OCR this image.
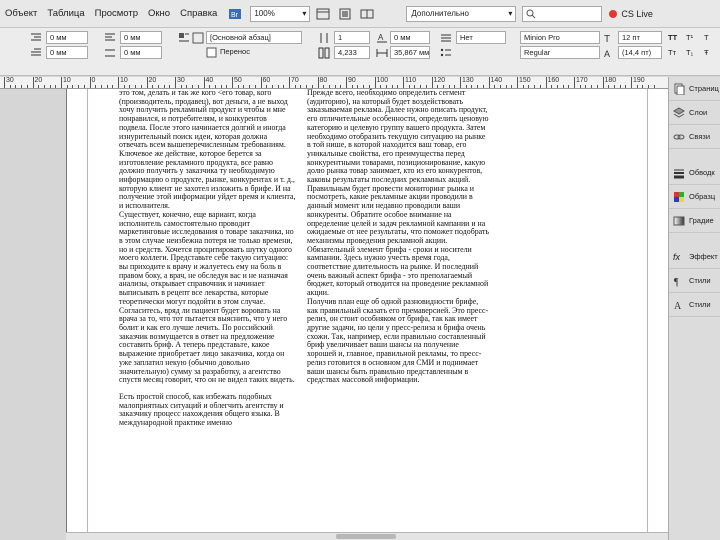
Объект	Таблица	Просмотр	Окно	Справка	Br 100%	▾	Дополнительно	▾	CS Live
0 мм
0 мм
0 мм
0 мм
[Основной абзац]
Перенос
1
4,233
A	0 мм
35,867 мм
Нет	Minion Pro
Regular
T	12 пт
A	(14,4 пт)
TT T¹
Tт T₁
T
Ŧ
30	20	10	0	10	20	30	40	50	60	70	80	90	100 110 120 130 140 150 160 170 180 190

это том, делать и так же кого <его товар, кого (производитель, продавец), вот деньги, а не выход хочу получить рекламный продукт и чтобы и мне понравился, и потребителям, и конкурентов подвела. После этого начинается долгий и иногда изнурительный поиск идеи, которая должна отвечать всем вышеперечисленным требованиям. Ключевое же действие, которое берется за изготовление рекламного продукта, все равно должно получить у заказчика ту необходимую информацию о продукте, рынке, конкурентах и т. д., которую клиент не захотел изложить в брифе. И на получение этой информации уйдет время и клиента, и исполнителя.

Существует, конечно, еще вариант, когда исполнитель самостоятельно проводит маркетинговые исследования о товаре заказчика, но в этом случае неизбежна потеря не только времени, но и средств. Хочется процитировать шутку одного моего коллеги. Представьте себе такую ситуацию: вы приходите к врачу и жалуетесь ему на боль в правом боку, а врач, не обследуя вас и не назначая анализы, открывает справочник и начинает выписывать в рецепт все лекарства, которые теоретически могут подойти в этом случае. Согласитесь, вряд ли пациент будет воровать на врача за то, что тот пытается выяснить, что у него болит и как его лучше лечить. По российский заказчик возмущается в ответ на предложение составить бриф. А теперь представьте, какое выражение приобретает лицо заказчика, когда он уже заплатил некую (обычно довольно значительную) сумму за разработку, а агентство спустя месяц говорит, что он не видел таких видеть.

Есть простой способ, как избежать подобных малоприятных ситуаций и облегчить агентству и заказчику процесс нахождения общего языка. В международной практике именно

Прежде всего, необходимо определить сегмент (аудиторию), на который будет воздействовать заказываемая реклама. Далее нужно описать продукт, его отличительные особенности, определить ценовую категорию и целевую группу вашего продукта. Затем необходимо отобразить текущую ситуацию на рынке в той нише, в которой находится ваш товар, его уникальные свойства, его преимущества перед конкурентными товарами, позиционирование, какую долю рынка товар занимает, кто из его конкурентов, каковы результаты последних рекламных акций. Правильным будет провести мониторинг рынка и посмотреть, какие рекламные акции проводили в данный момент или недавно проводили ваши конкуренты. Обратите особое внимание на определение целей и задач рекламной кампании и на ожидаемые от нее результаты, что поможет подобрать механизмы проведения рекламной акции. Обязательный элемент брифа - сроки и носители кампании. Здесь нужно учесть время года, соответствие длительность на рынке. И последний очень важный аспект брифа - это преполагаемый бюджет, который отводится на проведение рекламной акции.

Получив план еще об одной разновидности брифе, как правильный сказать его премаверсией. Это пресс-релиз, он стоит особняком от брифа, так как имеет другие задачи, но цели у пресс-релиза и брифа очень схожи. Так, например, если правильно составленный бриф увеличивает ваши шансы на получение хорошей и, главное, правильной рекламы, то пресс-релиз готовится в основном для СМИ и поднимает ваши шансы быть правильно представленным в средствах массовой информации.

Страниц
Слои
Связи
Обводк
Образц
Градие
fx	Эффект
¶ Стили
A Стили
